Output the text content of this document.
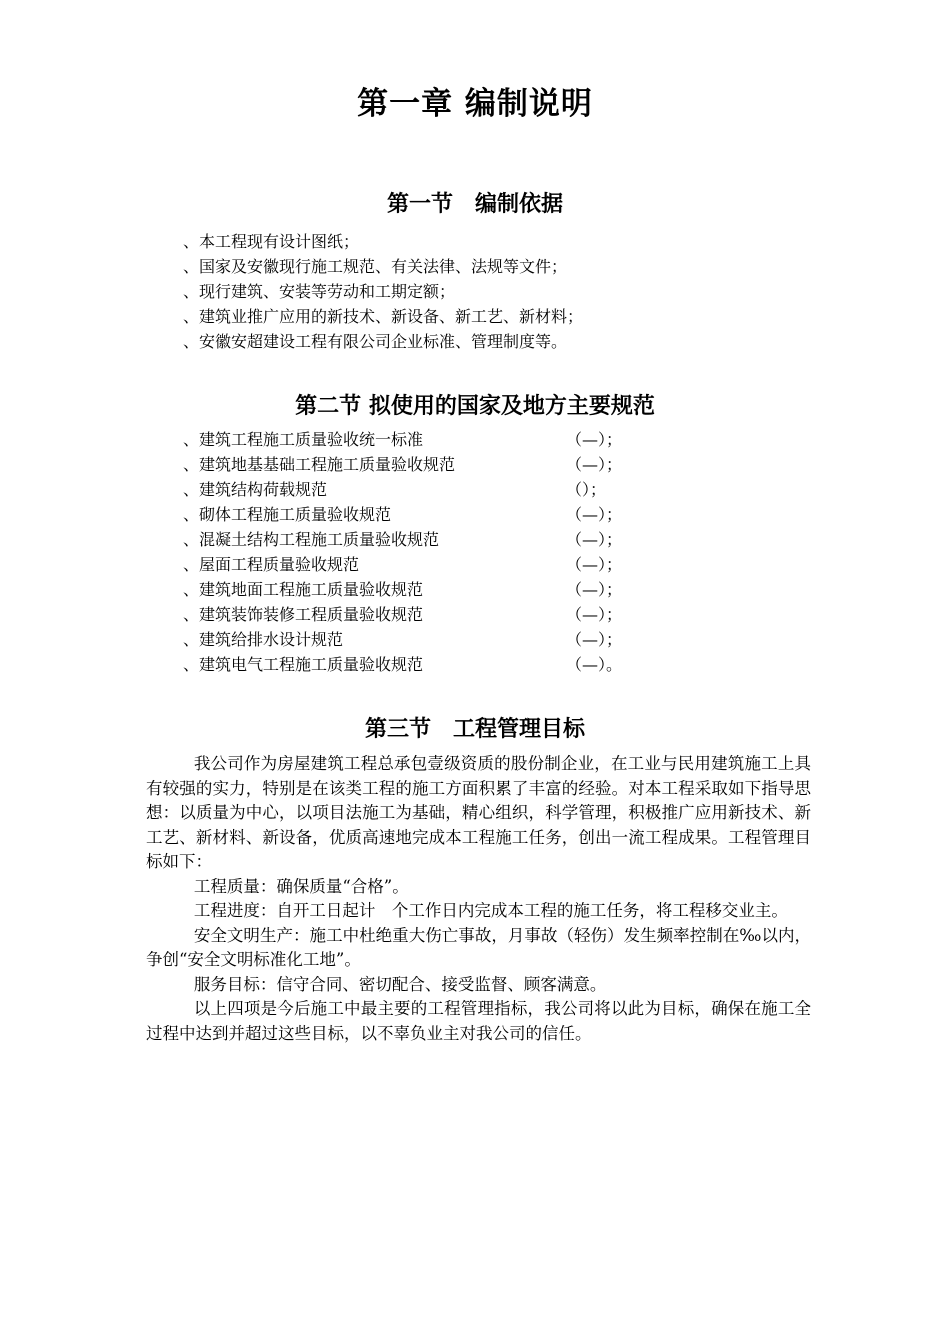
第一章 编制说明
第一节　编制依据
、本工程现有设计图纸；
、国家及安徽现行施工规范、有关法律、法规等文件；
、现行建筑、安装等劳动和工期定额；
、建筑业推广应用的新技术、新设备、新工艺、新材料；
、安徽安超建设工程有限公司企业标准、管理制度等。
第二节 拟使用的国家及地方主要规范
、建筑工程施工质量验收统一标准	（—）；
、建筑地基基础工程施工质量验收规范	（—）；
、建筑结构荷载规范	（）；
、砌体工程施工质量验收规范	（—）；
、混凝土结构工程施工质量验收规范	（—）；
、屋面工程质量验收规范	（—）；
、建筑地面工程施工质量验收规范	（—）；
、建筑装饰装修工程质量验收规范	（—）；
、建筑给排水设计规范	（—）；
、建筑电气工程施工质量验收规范	（—）。
第三节　工程管理目标

我公司作为房屋建筑工程总承包壹级资质的股份制企业，在工业与民用建筑施工上具有较强的实力，特别是在该类工程的施工方面积累了丰富的经验。对本工程采取如下指导思想：以质量为中心，以项目法施工为基础，精心组织，科学管理，积极推广应用新技术、新工艺、新材料、新设备，优质高速地完成本工程施工任务，创出一流工程成果。工程管理目标如下：

工程质量：确保质量“合格”。

工程进度：自开工日起计　个工作日内完成本工程的施工任务，将工程移交业主。

安全文明生产：施工中杜绝重大伤亡事故，月事故（轻伤）发生频率控制在‰以内，争创“安全文明标准化工地”。

服务目标：信守合同、密切配合、接受监督、顾客满意。

以上四项是今后施工中最主要的工程管理指标，我公司将以此为目标，确保在施工全过程中达到并超过这些目标，以不辜负业主对我公司的信任。
